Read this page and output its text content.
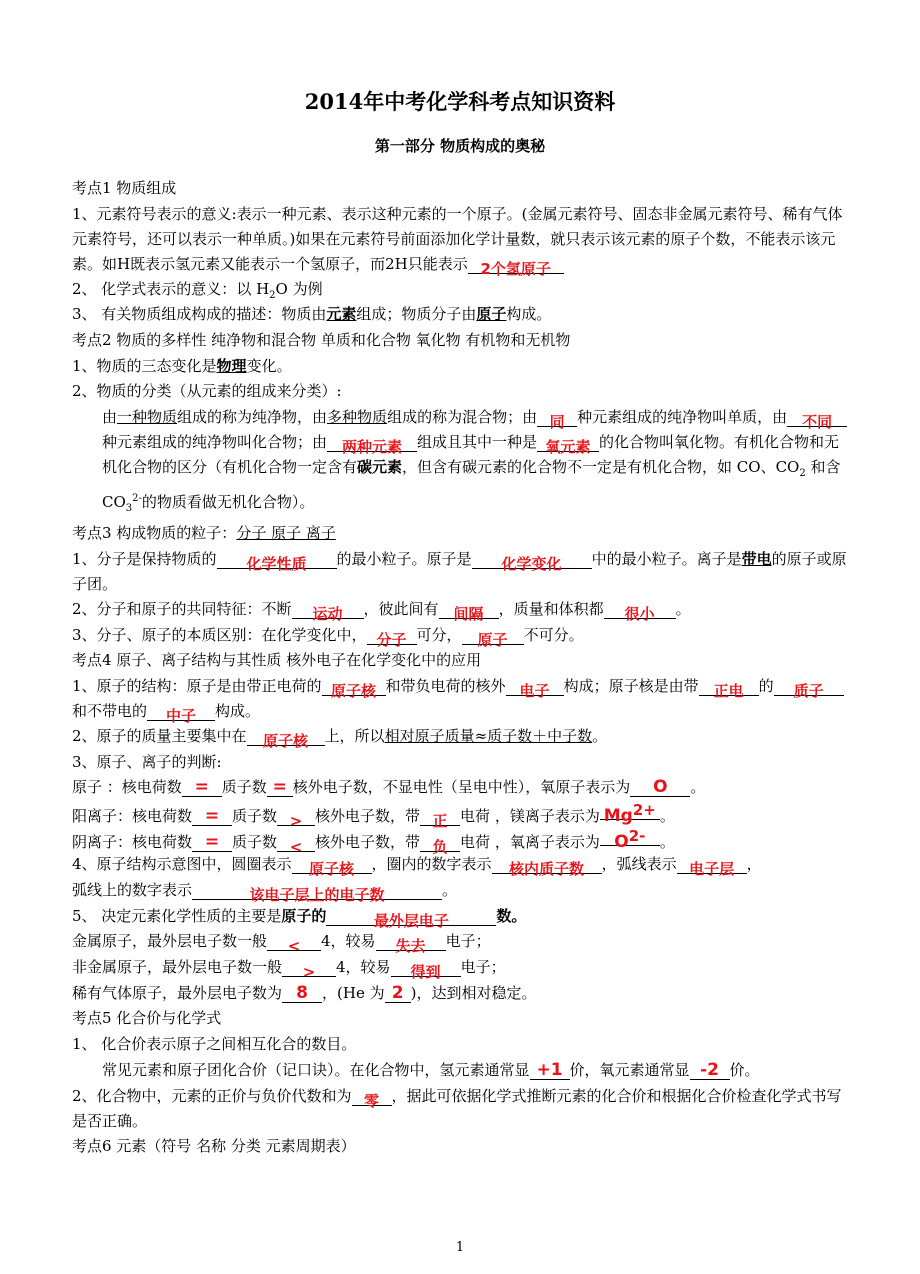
2014年中考化学科考点知识资料
第一部分 物质构成的奥秘
考点1 物质组成
1、元素符号表示的意义:表示一种元素、表示这种元素的一个原子。(金属元素符号、固态非金属元素符号、稀有气体元素符号，还可以表示一种单质。)如果在元素符号前面添加化学计量数，就只表示该元素的原子个数，不能表示该元素。如H既表示氢元素又能表示一个氢原子，而2H只能表示 2个氢原子
2、 化学式表示的意义：以 $H_2O$ 为例
3、 有关物质组成构成的描述：物质由元素组成；物质分子由原子构成。
考点2 物质的多样性 纯净物和混合物 单质和化合物 氧化物 有机物和无机物
1、物质的三态变化是物理变化。
2、物质的分类（从元素的组成来分类）:
由一种物质组成的称为纯净物，由多种物质组成的称为混合物；由 同 种元素组成的纯净物叫单质，由 不同种元素组成的纯净物叫化合物；由 两种元素 组成且其中一种是 氧元素 的化合物叫氧化物。有机化合物和无机化合物的区分（有机化合物一定含有碳元素，但含有碳元素的化合物不一定是有机化合物，如 CO、$CO_2$ 和含 $CO_3^{2-}$的物质看做无机化合物）。
考点3 构成物质的粒子：分子 原子 离子
1、分子是保持物质的 化学性质 的最小粒子。原子是 化学变化 中的最小粒子。离子是带电的原子或原子团。
2、分子和原子的共同特征：不断 运动 ，彼此间有 间隔 ，质量和体积都 很小 。
3、分子、原子的本质区别：在化学变化中， 分子 可分， 原子 不可分。
考点4 原子、离子结构与其性质 核外电子在化学变化中的应用
1、原子的结构：原子是由带正电荷的 原子核 和带负电荷的核外 电子 构成；原子核是由带 正电 的 质子和不带电的 中子 构成。
2、原子的质量主要集中在 原子核 上，所以相对原子质量≈质子数＋中子数。
3、原子、离子的判断:
原子 ：核电荷数 = 质子数 = 核外电子数，不显电性（呈电中性），氧原子表示为 O 。
阳离子：核电荷数 = 质子数 > 核外电子数，带 正 电荷 ，镁离子表示为 $Mg^{2+}$ 。
阴离子：核电荷数 = 质子数 < 核外电子数，带 负 电荷 ，氧离子表示为 $O^{2-}$ 。
4、原子结构示意图中，圆圈表示 原子核 ，圈内的数字表示 核内质子数 ，弧线表示 电子层 ，
弧线上的数字表示	该电子层上的电子数	。
5、 决定元素化学性质的主要是原子的	最外层电子	数。
金属原子，最外层电子数一般 < 4，较易 失去 电子；
非金属原子，最外层电子数一般 > 4，较易 得到 电子；
稀有气体原子，最外层电子数为 8 ，(He 为 2 )，达到相对稳定。
考点5 化合价与化学式
1、 化合价表示原子之间相互化合的数目。
常见元素和原子团化合价（记口诀）。在化合物中，氢元素通常显 +1 价，氧元素通常显 -2 价。
2、化合物中，元素的正价与负价代数和为 零 ，据此可依据化学式推断元素的化合价和根据化合价检查化学式书写是否正确。
考点6 元素（符号 名称 分类 元素周期表）
1
